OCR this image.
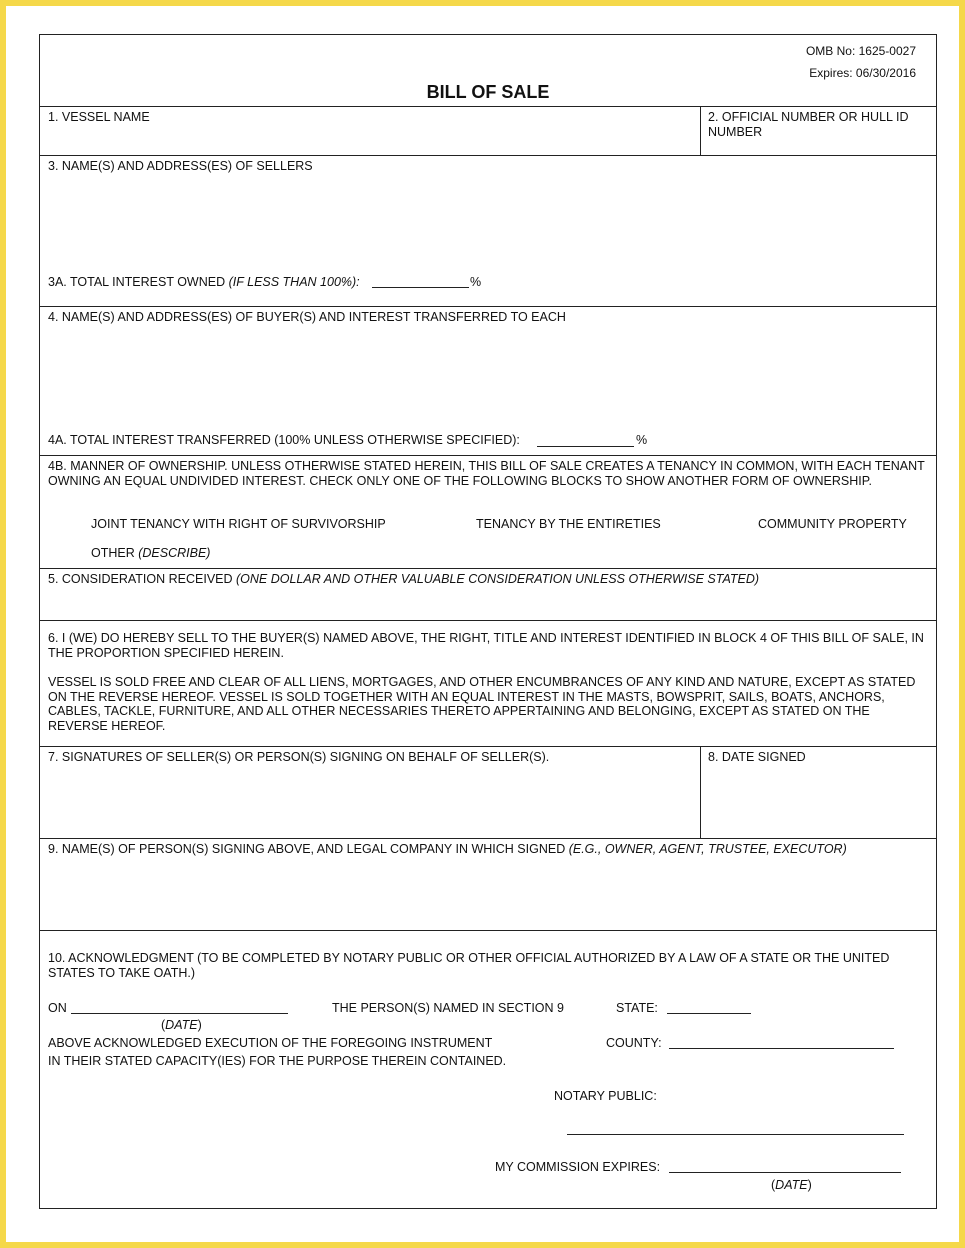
OMB No: 1625-0027
Expires: 06/30/2016
BILL OF SALE
1. VESSEL NAME	2. OFFICIAL NUMBER OR HULL ID NUMBER
3. NAME(S) AND ADDRESS(ES) OF SELLERS
3A. TOTAL INTEREST OWNED (IF LESS THAN 100%):	%
4. NAME(S) AND ADDRESS(ES) OF BUYER(S) AND INTEREST TRANSFERRED TO EACH
4A. TOTAL INTEREST TRANSFERRED (100% UNLESS OTHERWISE SPECIFIED):	%
4B. MANNER OF OWNERSHIP. UNLESS OTHERWISE STATED HEREIN, THIS BILL OF SALE CREATES A TENANCY IN COMMON, WITH EACH TENANT OWNING AN EQUAL UNDIVIDED INTEREST. CHECK ONLY ONE OF THE FOLLOWING BLOCKS TO SHOW ANOTHER FORM OF OWNERSHIP.
JOINT TENANCY WITH RIGHT OF SURVIVORSHIP	TENANCY BY THE ENTIRETIES	COMMUNITY PROPERTY
OTHER (DESCRIBE)
5. CONSIDERATION RECEIVED (ONE DOLLAR AND OTHER VALUABLE CONSIDERATION UNLESS OTHERWISE STATED)
6. I (WE) DO HEREBY SELL TO THE BUYER(S) NAMED ABOVE, THE RIGHT, TITLE AND INTEREST IDENTIFIED IN BLOCK 4 OF THIS BILL OF SALE, IN THE PROPORTION SPECIFIED HEREIN.
VESSEL IS SOLD FREE AND CLEAR OF ALL LIENS, MORTGAGES, AND OTHER ENCUMBRANCES OF ANY KIND AND NATURE, EXCEPT AS STATED ON THE REVERSE HEREOF. VESSEL IS SOLD TOGETHER WITH AN EQUAL INTEREST IN THE MASTS, BOWSPRIT, SAILS, BOATS, ANCHORS, CABLES, TACKLE, FURNITURE, AND ALL OTHER NECESSARIES THERETO APPERTAINING AND BELONGING, EXCEPT AS STATED ON THE REVERSE HEREOF.
7. SIGNATURES OF SELLER(S) OR PERSON(S) SIGNING ON BEHALF OF SELLER(S).	8. DATE SIGNED
9. NAME(S) OF PERSON(S) SIGNING ABOVE, AND LEGAL COMPANY IN WHICH SIGNED (E.G., OWNER, AGENT, TRUSTEE, EXECUTOR)
10. ACKNOWLEDGMENT (TO BE COMPLETED BY NOTARY PUBLIC OR OTHER OFFICIAL AUTHORIZED BY A LAW OF A STATE OR THE UNITED STATES TO TAKE OATH.)
ON	THE PERSON(S) NAMED IN SECTION 9	STATE:
(DATE)
ABOVE ACKNOWLEDGED EXECUTION OF THE FOREGOING INSTRUMENT	COUNTY:
IN THEIR STATED CAPACITY(IES) FOR THE PURPOSE THEREIN CONTAINED.
NOTARY PUBLIC:
MY COMMISSION EXPIRES:
(DATE)
